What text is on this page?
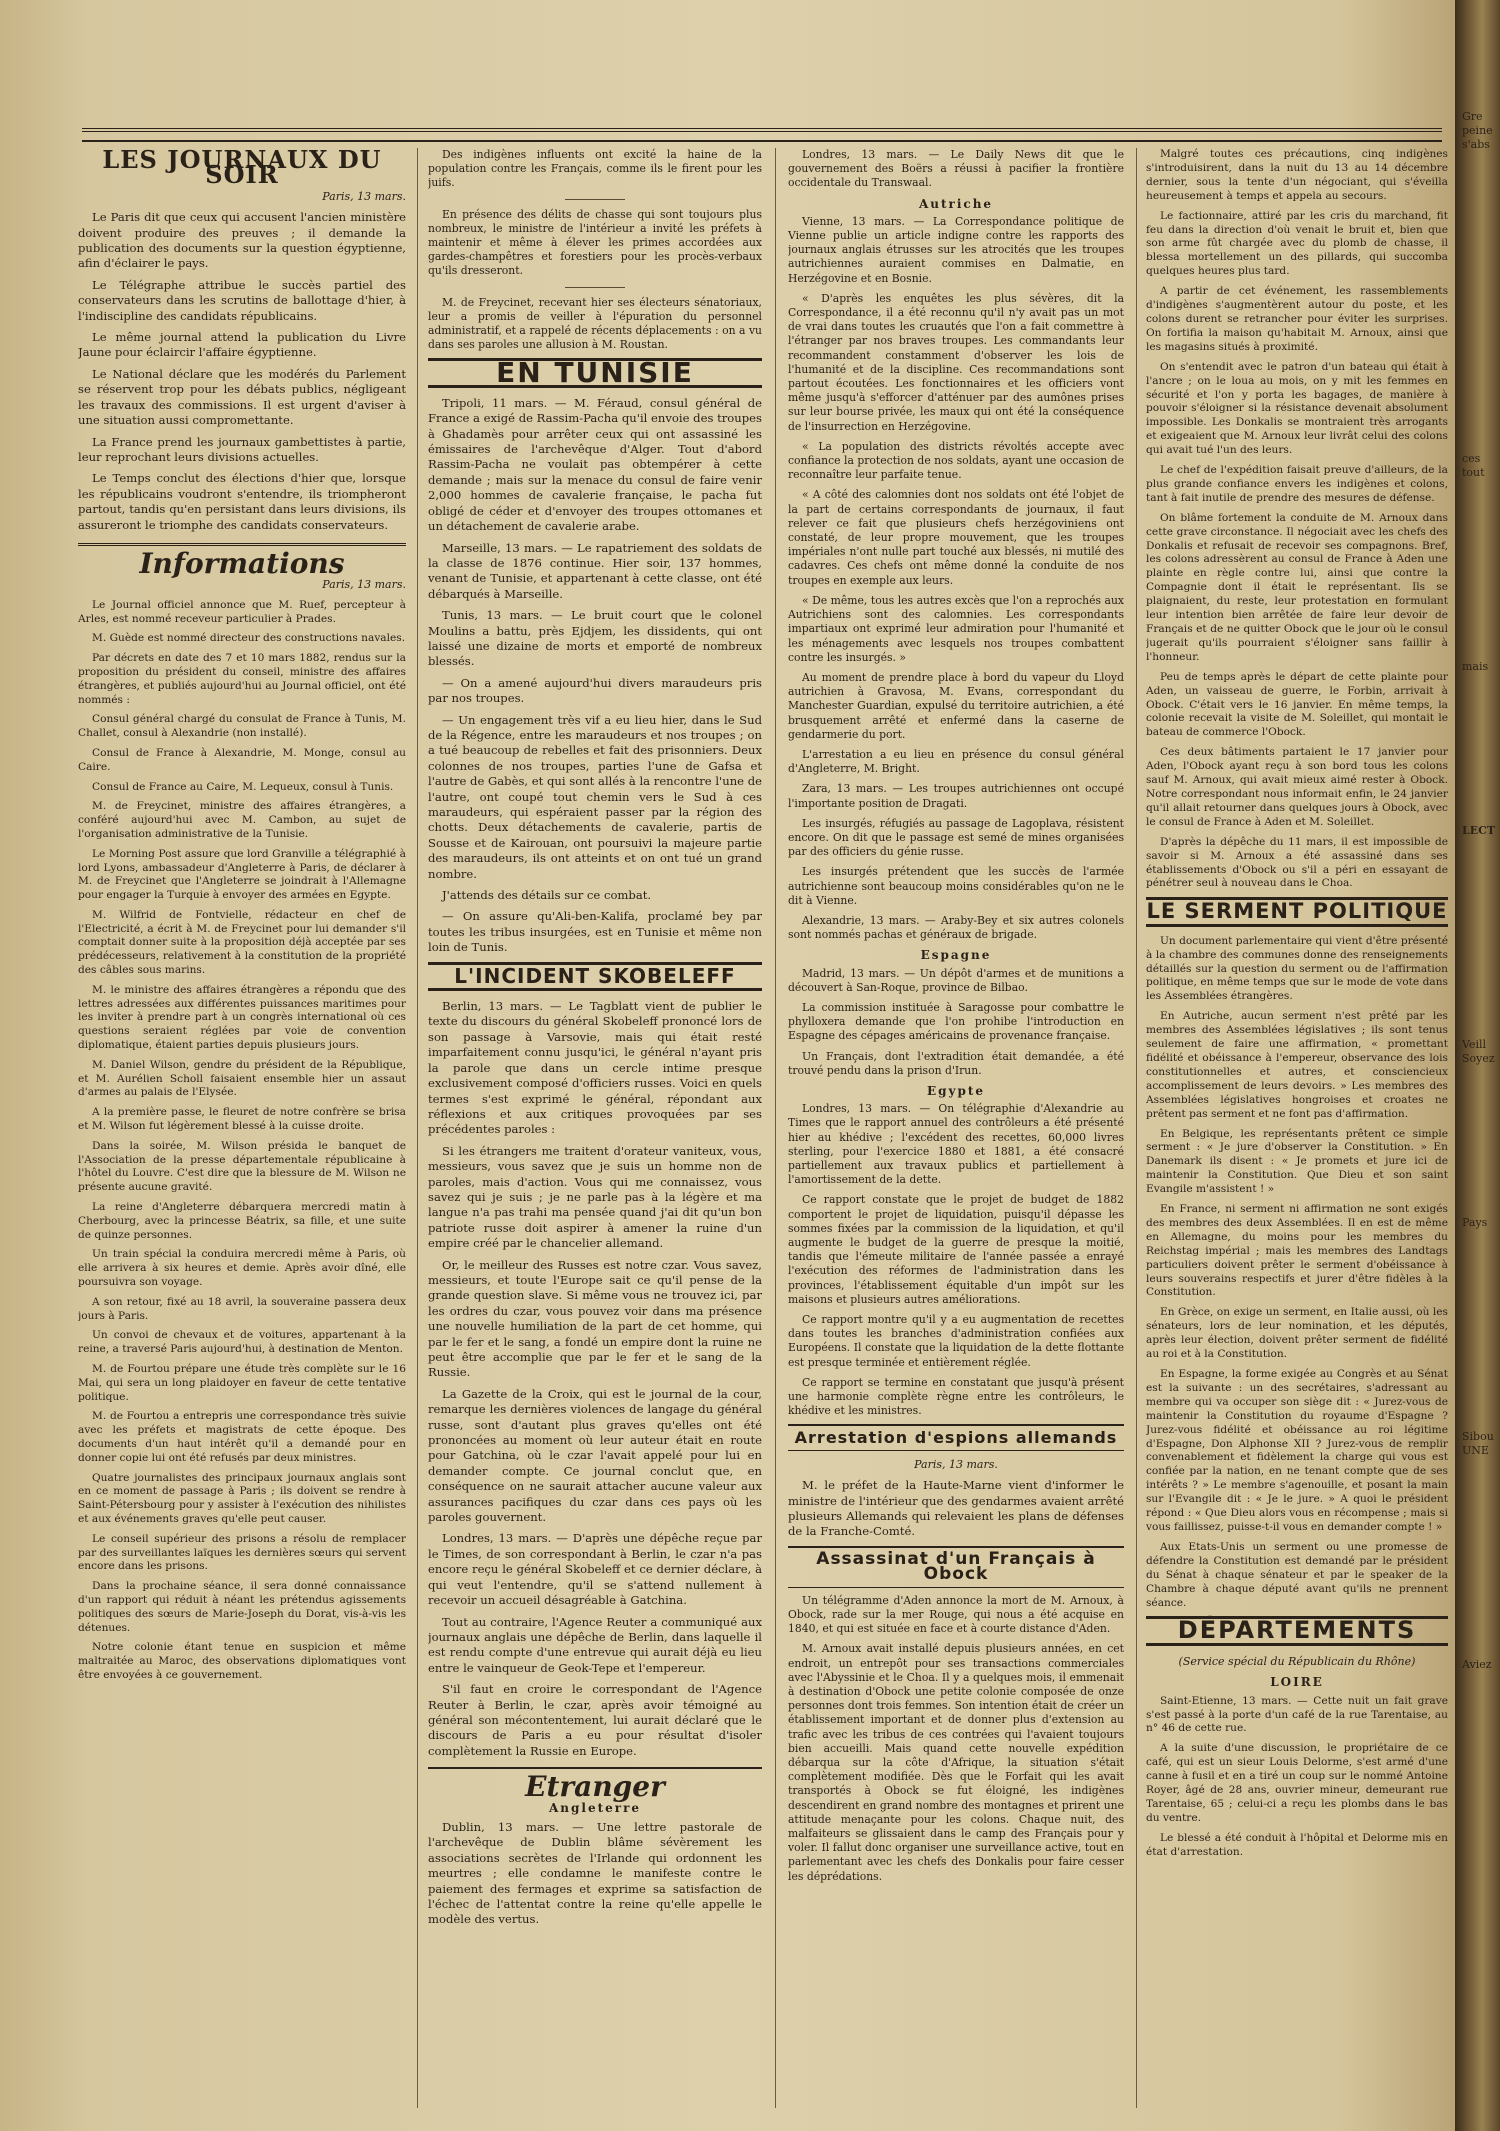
Gre
peine
s'abs
ces
tout
mais
LECT
Veill
Soyez
Pays
Sibou
UNE
Aviez
LES JOURNAUX DU SOIR
Paris, 13 mars.

Le Paris dit que ceux qui accusent l'ancien ministère doivent produire des preuves ; il demande la publication des documents sur la question égyptienne, afin d'éclairer le pays.

Le Télégraphe attribue le succès partiel des conservateurs dans les scrutins de ballottage d'hier, à l'indiscipline des candidats républicains.

Le même journal attend la publication du Livre Jaune pour éclaircir l'affaire égyptienne.

Le National déclare que les modérés du Parlement se réservent trop pour les débats publics, négligeant les travaux des commissions. Il est urgent d'aviser à une situation aussi compromettante.

La France prend les journaux gambettistes à partie, leur reprochant leurs divisions actuelles.

Le Temps conclut des élections d'hier que, lorsque les républicains voudront s'entendre, ils triompheront partout, tandis qu'en persistant dans leurs divisions, ils assureront le triomphe des candidats conservateurs.

Informations
Paris, 13 mars.

Le Journal officiel annonce que M. Ruef, percepteur à Arles, est nommé receveur particulier à Prades.

M. Guède est nommé directeur des constructions navales.

Par décrets en date des 7 et 10 mars 1882, rendus sur la proposition du président du conseil, ministre des affaires étrangères, et publiés aujourd'hui au Journal officiel, ont été nommés :

Consul général chargé du consulat de France à Tunis, M. Challet, consul à Alexandrie (non installé).

Consul de France à Alexandrie, M. Monge, consul au Caire.

Consul de France au Caire, M. Lequeux, consul à Tunis.

M. de Freycinet, ministre des affaires étrangères, a conféré aujourd'hui avec M. Cambon, au sujet de l'organisation administrative de la Tunisie.

Le Morning Post assure que lord Granville a télégraphié à lord Lyons, ambassadeur d'Angleterre à Paris, de déclarer à M. de Freycinet que l'Angleterre se joindrait à l'Allemagne pour engager la Turquie à envoyer des armées en Egypte.

M. Wilfrid de Fontvielle, rédacteur en chef de l'Electricité, a écrit à M. de Freycinet pour lui demander s'il comptait donner suite à la proposition déjà acceptée par ses prédécesseurs, relativement à la constitution de la propriété des câbles sous marins.

M. le ministre des affaires étrangères a répondu que des lettres adressées aux différentes puissances maritimes pour les inviter à prendre part à un congrès international où ces questions seraient réglées par voie de convention diplomatique, étaient parties depuis plusieurs jours.

M. Daniel Wilson, gendre du président de la République, et M. Aurélien Scholl faisaient ensemble hier un assaut d'armes au palais de l'Elysée.

A la première passe, le fleuret de notre confrère se brisa et M. Wilson fut légèrement blessé à la cuisse droite.

Dans la soirée, M. Wilson présida le banquet de l'Association de la presse départementale républicaine à l'hôtel du Louvre. C'est dire que la blessure de M. Wilson ne présente aucune gravité.

La reine d'Angleterre débarquera mercredi matin à Cherbourg, avec la princesse Béatrix, sa fille, et une suite de quinze personnes.

Un train spécial la conduira mercredi même à Paris, où elle arrivera à six heures et demie. Après avoir dîné, elle poursuivra son voyage.

A son retour, fixé au 18 avril, la souveraine passera deux jours à Paris.

Un convoi de chevaux et de voitures, appartenant à la reine, a traversé Paris aujourd'hui, à destination de Menton.

M. de Fourtou prépare une étude très complète sur le 16 Mai, qui sera un long plaidoyer en faveur de cette tentative politique.

M. de Fourtou a entrepris une correspondance très suivie avec les préfets et magistrats de cette époque. Des documents d'un haut intérêt qu'il a demandé pour en donner copie lui ont été refusés par deux ministres.

Quatre journalistes des principaux journaux anglais sont en ce moment de passage à Paris ; ils doivent se rendre à Saint-Pétersbourg pour y assister à l'exécution des nihilistes et aux événements graves qu'elle peut causer.

Le conseil supérieur des prisons a résolu de remplacer par des surveillantes laïques les dernières sœurs qui servent encore dans les prisons.

Dans la prochaine séance, il sera donné connaissance d'un rapport qui réduit à néant les prétendus agissements politiques des sœurs de Marie-Joseph du Dorat, vis-à-vis les détenues.

Notre colonie étant tenue en suspicion et même maltraitée au Maroc, des observations diplomatiques vont être envoyées à ce gouvernement.

Des indigènes influents ont excité la haine de la population contre les Français, comme ils le firent pour les juifs.

En présence des délits de chasse qui sont toujours plus nombreux, le ministre de l'intérieur a invité les préfets à maintenir et même à élever les primes accordées aux gardes-champêtres et forestiers pour les procès-verbaux qu'ils dresseront.

M. de Freycinet, recevant hier ses électeurs sénatoriaux, leur a promis de veiller à l'épuration du personnel administratif, et a rappelé de récents déplacements : on a vu dans ses paroles une allusion à M. Roustan.

EN TUNISIE

Tripoli, 11 mars. — M. Féraud, consul général de France a exigé de Rassim-Pacha qu'il envoie des troupes à Ghadamès pour arrêter ceux qui ont assassiné les émissaires de l'archevêque d'Alger. Tout d'abord Rassim-Pacha ne voulait pas obtempérer à cette demande ; mais sur la menace du consul de faire venir 2,000 hommes de cavalerie française, le pacha fut obligé de céder et d'envoyer des troupes ottomanes et un détachement de cavalerie arabe.

Marseille, 13 mars. — Le rapatriement des soldats de la classe de 1876 continue. Hier soir, 137 hommes, venant de Tunisie, et appartenant à cette classe, ont été débarqués à Marseille.

Tunis, 13 mars. — Le bruit court que le colonel Moulins a battu, près Ejdjem, les dissidents, qui ont laissé une dizaine de morts et emporté de nombreux blessés.

— On a amené aujourd'hui divers maraudeurs pris par nos troupes.

— Un engagement très vif a eu lieu hier, dans le Sud de la Régence, entre les maraudeurs et nos troupes ; on a tué beaucoup de rebelles et fait des prisonniers. Deux colonnes de nos troupes, parties l'une de Gafsa et l'autre de Gabès, et qui sont allés à la rencontre l'une de l'autre, ont coupé tout chemin vers le Sud à ces maraudeurs, qui espéraient passer par la région des chotts. Deux détachements de cavalerie, partis de Sousse et de Kairouan, ont poursuivi la majeure partie des maraudeurs, ils ont atteints et on ont tué un grand nombre.

J'attends des détails sur ce combat.

— On assure qu'Ali-ben-Kalifa, proclamé bey par toutes les tribus insurgées, est en Tunisie et même non loin de Tunis.

L'INCIDENT SKOBELEFF

Berlin, 13 mars. — Le Tagblatt vient de publier le texte du discours du général Skobeleff prononcé lors de son passage à Varsovie, mais qui était resté imparfaitement connu jusqu'ici, le général n'ayant pris la parole que dans un cercle intime presque exclusivement composé d'officiers russes. Voici en quels termes s'est exprimé le général, répondant aux réflexions et aux critiques provoquées par ses précédentes paroles :

Si les étrangers me traitent d'orateur vaniteux, vous, messieurs, vous savez que je suis un homme non de paroles, mais d'action. Vous qui me connaissez, vous savez qui je suis ; je ne parle pas à la légère et ma langue n'a pas trahi ma pensée quand j'ai dit qu'un bon patriote russe doit aspirer à amener la ruine d'un empire créé par le chancelier allemand.

Or, le meilleur des Russes est notre czar. Vous savez, messieurs, et toute l'Europe sait ce qu'il pense de la grande question slave. Si même vous ne trouvez ici, par les ordres du czar, vous pouvez voir dans ma présence une nouvelle humiliation de la part de cet homme, qui par le fer et le sang, a fondé un empire dont la ruine ne peut être accomplie que par le fer et le sang de la Russie.

La Gazette de la Croix, qui est le journal de la cour, remarque les dernières violences de langage du général russe, sont d'autant plus graves qu'elles ont été prononcées au moment où leur auteur était en route pour Gatchina, où le czar l'avait appelé pour lui en demander compte. Ce journal conclut que, en conséquence on ne saurait attacher aucune valeur aux assurances pacifiques du czar dans ces pays où les paroles gouvernent.

Londres, 13 mars. — D'après une dépêche reçue par le Times, de son correspondant à Berlin, le czar n'a pas encore reçu le général Skobeleff et ce dernier déclare, à qui veut l'entendre, qu'il se s'attend nullement à recevoir un accueil désagréable à Gatchina.

Tout au contraire, l'Agence Reuter a communiqué aux journaux anglais une dépêche de Berlin, dans laquelle il est rendu compte d'une entrevue qui aurait déjà eu lieu entre le vainqueur de Geok-Tepe et l'empereur.

S'il faut en croire le correspondant de l'Agence Reuter à Berlin, le czar, après avoir témoigné au général son mécontentement, lui aurait déclaré que le discours de Paris a eu pour résultat d'isoler complètement la Russie en Europe.

Etranger
Angleterre

Dublin, 13 mars. — Une lettre pastorale de l'archevêque de Dublin blâme sévèrement les associations secrètes de l'Irlande qui ordonnent les meurtres ; elle condamne le manifeste contre le paiement des fermages et exprime sa satisfaction de l'échec de l'attentat contre la reine qu'elle appelle le modèle des vertus.

Londres, 13 mars. — Le Daily News dit que le gouvernement des Boërs a réussi à pacifier la frontière occidentale du Transwaal.

Autriche

Vienne, 13 mars. — La Correspondance politique de Vienne publie un article indigne contre les rapports des journaux anglais étrusses sur les atrocités que les troupes autrichiennes auraient commises en Dalmatie, en Herzégovine et en Bosnie.

« D'après les enquêtes les plus sévères, dit la Correspondance, il a été reconnu qu'il n'y avait pas un mot de vrai dans toutes les cruautés que l'on a fait commettre à l'étranger par nos braves troupes. Les commandants leur recommandent constamment d'observer les lois de l'humanité et de la discipline. Ces recommandations sont partout écoutées. Les fonctionnaires et les officiers vont même jusqu'à s'efforcer d'atténuer par des aumônes prises sur leur bourse privée, les maux qui ont été la conséquence de l'insurrection en Herzégovine.

« La population des districts révoltés accepte avec confiance la protection de nos soldats, ayant une occasion de reconnaître leur parfaite tenue.

« A côté des calomnies dont nos soldats ont été l'objet de la part de certains correspondants de journaux, il faut relever ce fait que plusieurs chefs herzégoviniens ont constaté, de leur propre mouvement, que les troupes impériales n'ont nulle part touché aux blessés, ni mutilé des cadavres. Ces chefs ont même donné la conduite de nos troupes en exemple aux leurs.

« De même, tous les autres excès que l'on a reprochés aux Autrichiens sont des calomnies. Les correspondants impartiaux ont exprimé leur admiration pour l'humanité et les ménagements avec lesquels nos troupes combattent contre les insurgés. »

Au moment de prendre place à bord du vapeur du Lloyd autrichien à Gravosa, M. Evans, correspondant du Manchester Guardian, expulsé du territoire autrichien, a été brusquement arrêté et enfermé dans la caserne de gendarmerie du port.

L'arrestation a eu lieu en présence du consul général d'Angleterre, M. Bright.

Zara, 13 mars. — Les troupes autrichiennes ont occupé l'importante position de Dragati.

Les insurgés, réfugiés au passage de Lagoplava, résistent encore. On dit que le passage est semé de mines organisées par des officiers du génie russe.

Les insurgés prétendent que les succès de l'armée autrichienne sont beaucoup moins considérables qu'on ne le dit à Vienne.

Alexandrie, 13 mars. — Araby-Bey et six autres colonels sont nommés pachas et généraux de brigade.

Espagne

Madrid, 13 mars. — Un dépôt d'armes et de munitions a découvert à San-Roque, province de Bilbao.

La commission instituée à Saragosse pour combattre le phylloxera demande que l'on prohibe l'introduction en Espagne des cépages américains de provenance française.

Un Français, dont l'extradition était demandée, a été trouvé pendu dans la prison d'Irun.

Egypte

Londres, 13 mars. — On télégraphie d'Alexandrie au Times que le rapport annuel des contrôleurs a été présenté hier au khédive ; l'excédent des recettes, 60,000 livres sterling, pour l'exercice 1880 et 1881, a été consacré partiellement aux travaux publics et partiellement à l'amortissement de la dette.

Ce rapport constate que le projet de budget de 1882 comportent le projet de liquidation, puisqu'il dépasse les sommes fixées par la commission de la liquidation, et qu'il augmente le budget de la guerre de presque la moitié, tandis que l'émeute militaire de l'année passée a enrayé l'exécution des réformes de l'administration dans les provinces, l'établissement équitable d'un impôt sur les maisons et plusieurs autres améliorations.

Ce rapport montre qu'il y a eu augmentation de recettes dans toutes les branches d'administration confiées aux Européens. Il constate que la liquidation de la dette flottante est presque terminée et entièrement réglée.

Ce rapport se termine en constatant que jusqu'à présent une harmonie complète règne entre les contrôleurs, le khédive et les ministres.

Arrestation d'espions allemands
Paris, 13 mars.

M. le préfet de la Haute-Marne vient d'informer le ministre de l'intérieur que des gendarmes avaient arrêté plusieurs Allemands qui relevaient les plans de défenses de la Franche-Comté.

Assassinat d'un Français à Obock

Un télégramme d'Aden annonce la mort de M. Arnoux, à Obock, rade sur la mer Rouge, qui nous a été acquise en 1840, et qui est située en face et à courte distance d'Aden.

M. Arnoux avait installé depuis plusieurs années, en cet endroit, un entrepôt pour ses transactions commerciales avec l'Abyssinie et le Choa. Il y a quelques mois, il emmenait à destination d'Obock une petite colonie composée de onze personnes dont trois femmes. Son intention était de créer un établissement important et de donner plus d'extension au trafic avec les tribus de ces contrées qui l'avaient toujours bien accueilli. Mais quand cette nouvelle expédition débarqua sur la côte d'Afrique, la situation s'était complètement modifiée. Dès que le Forfait qui les avait transportés à Obock se fut éloigné, les indigènes descendirent en grand nombre des montagnes et prirent une attitude menaçante pour les colons. Chaque nuit, des malfaiteurs se glissaient dans le camp des Français pour y voler. Il fallut donc organiser une surveillance active, tout en parlementant avec les chefs des Donkalis pour faire cesser les déprédations.

Malgré toutes ces précautions, cinq indigènes s'introduisirent, dans la nuit du 13 au 14 décembre dernier, sous la tente d'un négociant, qui s'éveilla heureusement à temps et appela au secours.

Le factionnaire, attiré par les cris du marchand, fit feu dans la direction d'où venait le bruit et, bien que son arme fût chargée avec du plomb de chasse, il blessa mortellement un des pillards, qui succomba quelques heures plus tard.

A partir de cet événement, les rassemblements d'indigènes s'augmentèrent autour du poste, et les colons durent se retrancher pour éviter les surprises. On fortifia la maison qu'habitait M. Arnoux, ainsi que les magasins situés à proximité.

On s'entendit avec le patron d'un bateau qui était à l'ancre ; on le loua au mois, on y mit les femmes en sécurité et l'on y porta les bagages, de manière à pouvoir s'éloigner si la résistance devenait absolument impossible. Les Donkalis se montraient très arrogants et exigeaient que M. Arnoux leur livrât celui des colons qui avait tué l'un des leurs.

Le chef de l'expédition faisait preuve d'ailleurs, de la plus grande confiance envers les indigènes et colons, tant à fait inutile de prendre des mesures de défense.

On blâme fortement la conduite de M. Arnoux dans cette grave circonstance. Il négociait avec les chefs des Donkalis et refusait de recevoir ses compagnons. Bref, les colons adressèrent au consul de France à Aden une plainte en règle contre lui, ainsi que contre la Compagnie dont il était le représentant. Ils se plaignaient, du reste, leur protestation en formulant leur intention bien arrêtée de faire leur devoir de Français et de ne quitter Obock que le jour où le consul jugerait qu'ils pourraient s'éloigner sans faillir à l'honneur.

Peu de temps après le départ de cette plainte pour Aden, un vaisseau de guerre, le Forbin, arrivait à Obock. C'était vers le 16 janvier. En même temps, la colonie recevait la visite de M. Soleillet, qui montait le bateau de commerce l'Obock.

Ces deux bâtiments partaient le 17 janvier pour Aden, l'Obock ayant reçu à son bord tous les colons sauf M. Arnoux, qui avait mieux aimé rester à Obock. Notre correspondant nous informait enfin, le 24 janvier qu'il allait retourner dans quelques jours à Obock, avec le consul de France à Aden et M. Soleillet.

D'après la dépêche du 11 mars, il est impossible de savoir si M. Arnoux a été assassiné dans ses établissements d'Obock ou s'il a péri en essayant de pénétrer seul à nouveau dans le Choa.

LE SERMENT POLITIQUE

Un document parlementaire qui vient d'être présenté à la chambre des communes donne des renseignements détaillés sur la question du serment ou de l'affirmation politique, en même temps que sur le mode de vote dans les Assemblées étrangères.

En Autriche, aucun serment n'est prêté par les membres des Assemblées législatives ; ils sont tenus seulement de faire une affirmation, « promettant fidélité et obéissance à l'empereur, observance des lois constitutionnelles et autres, et consciencieux accomplissement de leurs devoirs. » Les membres des Assemblées législatives hongroises et croates ne prêtent pas serment et ne font pas d'affirmation.

En Belgique, les représentants prêtent ce simple serment : « Je jure d'observer la Constitution. » En Danemark ils disent : « Je promets et jure ici de maintenir la Constitution. Que Dieu et son saint Evangile m'assistent ! »

En France, ni serment ni affirmation ne sont exigés des membres des deux Assemblées. Il en est de même en Allemagne, du moins pour les membres du Reichstag impérial ; mais les membres des Landtags particuliers doivent prêter le serment d'obéissance à leurs souverains respectifs et jurer d'être fidèles à la Constitution.

En Grèce, on exige un serment, en Italie aussi, où les sénateurs, lors de leur nomination, et les députés, après leur élection, doivent prêter serment de fidélité au roi et à la Constitution.

En Espagne, la forme exigée au Congrès et au Sénat est la suivante : un des secrétaires, s'adressant au membre qui va occuper son siège dit : « Jurez-vous de maintenir la Constitution du royaume d'Espagne ? Jurez-vous fidélité et obéissance au roi légitime d'Espagne, Don Alphonse XII ? Jurez-vous de remplir convenablement et fidèlement la charge qui vous est confiée par la nation, en ne tenant compte que de ses intérêts ? » Le membre s'agenouille, et posant la main sur l'Evangile dit : « Je le jure. » A quoi le président répond : « Que Dieu alors vous en récompense ; mais si vous faillissez, puisse-t-il vous en demander compte ! »

Aux Etats-Unis un serment ou une promesse de défendre la Constitution est demandé par le président du Sénat à chaque sénateur et par le speaker de la Chambre à chaque député avant qu'ils ne prennent séance.

DÉPARTEMENTS
(Service spécial du Républicain du Rhône)
LOIRE

Saint-Etienne, 13 mars. — Cette nuit un fait grave s'est passé à la porte d'un café de la rue Tarentaise, au n° 46 de cette rue.

A la suite d'une discussion, le propriétaire de ce café, qui est un sieur Louis Delorme, s'est armé d'une canne à fusil et en a tiré un coup sur le nommé Antoine Royer, âgé de 28 ans, ouvrier mineur, demeurant rue Tarentaise, 65 ; celui-ci a reçu les plombs dans le bas du ventre.

Le blessé a été conduit à l'hôpital et Delorme mis en état d'arrestation.
